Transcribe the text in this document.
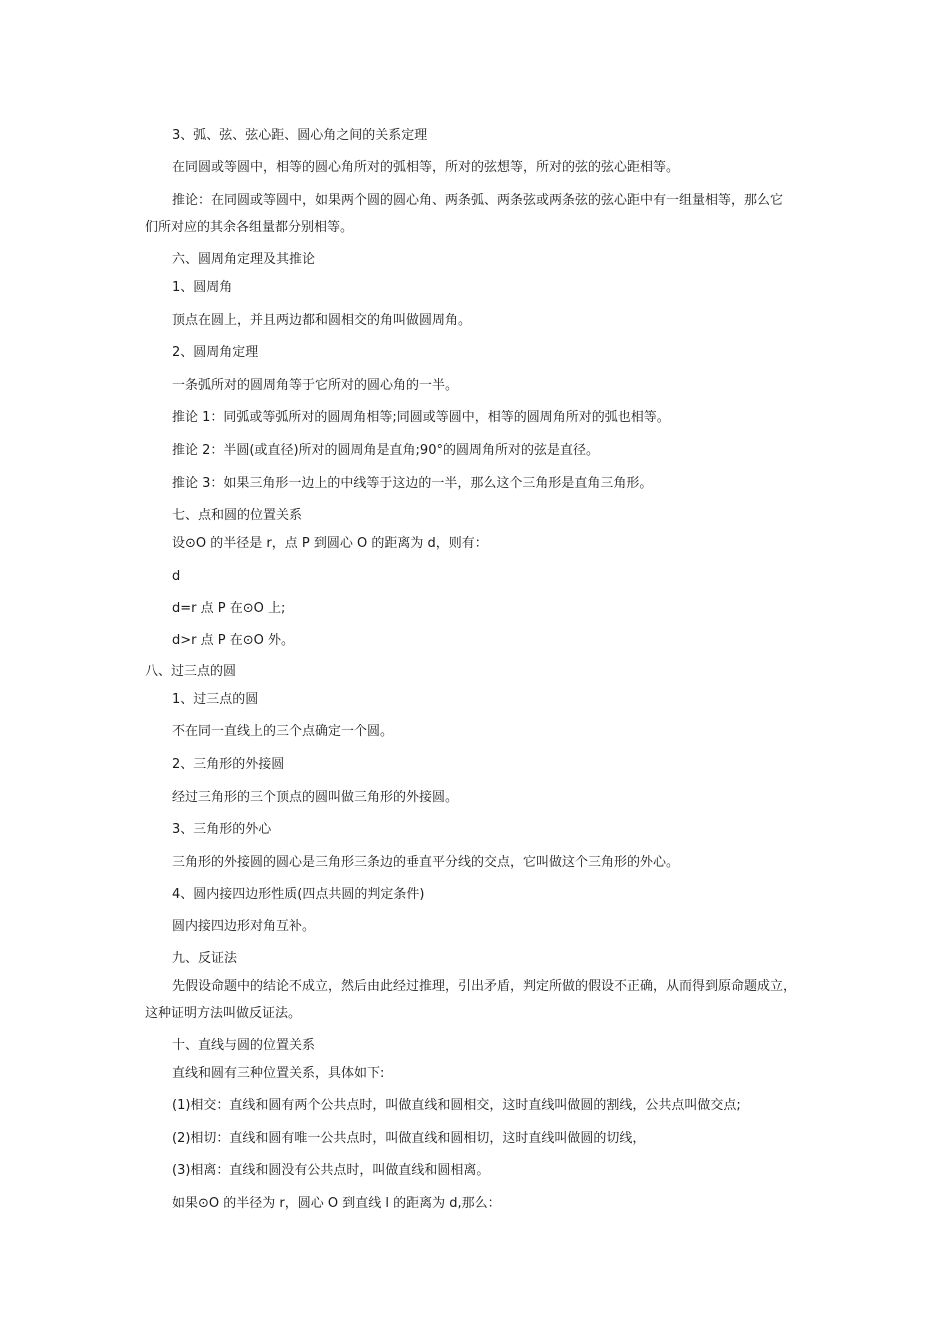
3、弧、弦、弦心距、圆心角之间的关系定理
在同圆或等圆中，相等的圆心角所对的弧相等，所对的弦想等，所对的弦的弦心距相等。
推论：在同圆或等圆中，如果两个圆的圆心角、两条弧、两条弦或两条弦的弦心距中有一组量相等，那么它
们所对应的其余各组量都分别相等。
六、圆周角定理及其推论
1、圆周角
顶点在圆上，并且两边都和圆相交的角叫做圆周角。
2、圆周角定理
一条弧所对的圆周角等于它所对的圆心角的一半。
推论 1：同弧或等弧所对的圆周角相等;同圆或等圆中，相等的圆周角所对的弧也相等。
推论 2：半圆(或直径)所对的圆周角是直角;90°的圆周角所对的弦是直径。
推论 3：如果三角形一边上的中线等于这边的一半，那么这个三角形是直角三角形。
七、点和圆的位置关系
设⊙O 的半径是 r，点 P 到圆心 O 的距离为 d，则有：
d
d=r 点 P 在⊙O 上;
d>r 点 P 在⊙O 外。
八、过三点的圆
1、过三点的圆
不在同一直线上的三个点确定一个圆。
2、三角形的外接圆
经过三角形的三个顶点的圆叫做三角形的外接圆。
3、三角形的外心
三角形的外接圆的圆心是三角形三条边的垂直平分线的交点，它叫做这个三角形的外心。
4、圆内接四边形性质(四点共圆的判定条件)
圆内接四边形对角互补。
九、反证法
先假设命题中的结论不成立，然后由此经过推理，引出矛盾，判定所做的假设不正确，从而得到原命题成立，
这种证明方法叫做反证法。
十、直线与圆的位置关系
直线和圆有三种位置关系，具体如下:
(1)相交：直线和圆有两个公共点时，叫做直线和圆相交，这时直线叫做圆的割线，公共点叫做交点;
(2)相切：直线和圆有唯一公共点时，叫做直线和圆相切，这时直线叫做圆的切线，
(3)相离：直线和圆没有公共点时，叫做直线和圆相离。
如果⊙O 的半径为 r，圆心 O 到直线 l 的距离为 d,那么：
